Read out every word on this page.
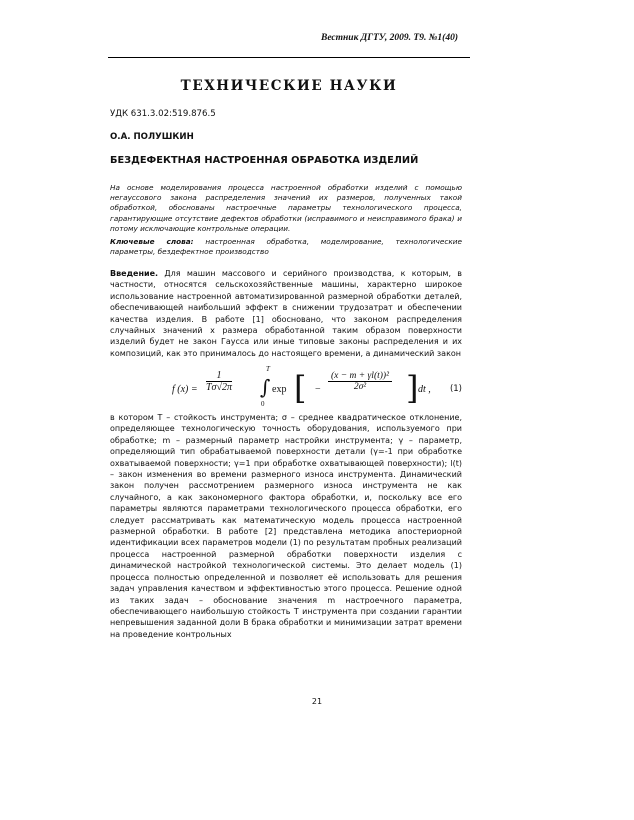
Вестник ДГТУ, 2009. Т9. №1(40)
ТЕХНИЧЕСКИЕ НАУКИ
УДК 631.3.02:519.876.5
О.А. ПОЛУШКИН
БЕЗДЕФЕКТНАЯ НАСТРОЕННАЯ ОБРАБОТКА ИЗДЕЛИЙ

На основе моделирования процесса настроенной обработки изделий с помощью негауссового закона распределения значений их размеров, полученных такой обработкой, обоснованы настроечные параметры технологического процесса, гарантирующие отсутствие дефектов обработки (исправимого и неисправимого брака) и потому исключающие контрольные операции.

Ключевые слова: настроенная обработка, моделирование, технологические параметры, бездефектное производство

Введение. Для машин массового и серийного производства, к которым, в частности, относятся сельскохозяйственные машины, характерно широкое использование настроенной автоматизированной размерной обработки деталей, обеспечивающей наибольший эффект в снижении трудозатрат и обеспечении качества изделия. В работе [1] обосновано, что законом распределения случайных значений x размера обработанной таким образом поверхности изделий будет не закон Гаусса или иные типовые законы распределения и их композиций, как это принималось до настоящего времени, а динамический закон

f $(x) = \frac{1}{T\sigma√2\pi}$ ∫
T
0
exp [ − $\frac{\text{(x − m + γl(t))²}}{\text{2σ²}}$ ] dt , (1)

в котором T – стойкость инструмента; σ – среднее квадратическое отклонение, определяющее технологическую точность оборудования, используемого при обработке; m – размерный параметр настройки инструмента; γ – параметр, определяющий тип обрабатываемой поверхности детали (γ=-1 при обработке охватываемой поверхности; γ=1 при обработке охватывающей поверхности); l(t) – закон изменения во времени размерного износа инструмента. Динамический закон получен рассмотрением размерного износа инструмента не как случайного, а как закономерного фактора обработки, и, поскольку все его параметры являются параметрами технологического процесса обработки, его следует рассматривать как математическую модель процесса настроенной размерной обработки. В работе [2] представлена методика апостериорной идентификации всех параметров модели (1) по результатам пробных реализаций процесса настроенной размерной обработки поверхности изделия с динамической настройкой технологической системы. Это делает модель (1) процесса полностью определенной и позволяет её использовать для решения задач управления качеством и эффективностью этого процесса. Решение одной из таких задач – обоснование значения m настроечного параметра, обеспечивающего наибольшую стойкость T инструмента при создании гарантии непревышения заданной доли B брака обработки и минимизации затрат времени на проведение контрольных

21
